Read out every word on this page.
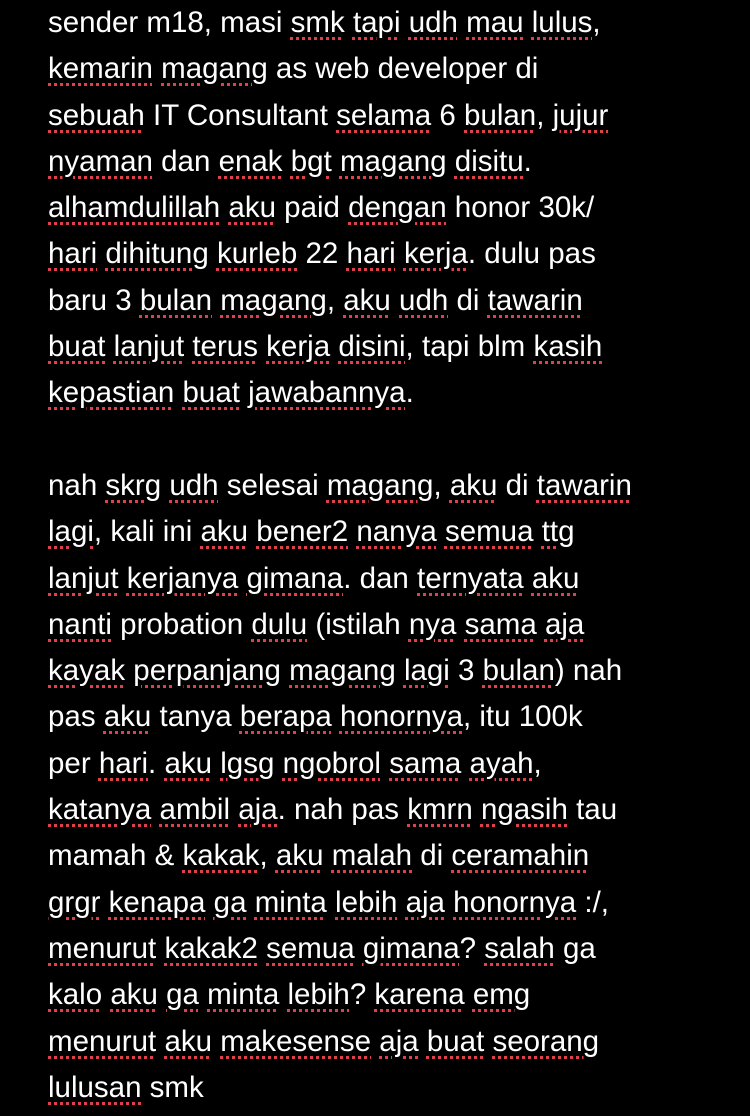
sender m18, masi smk tapi udh mau lulus,
kemarin magang as web developer di
sebuah IT Consultant selama 6 bulan, jujur
nyaman dan enak bgt magang disitu.
alhamdulillah aku paid dengan honor 30k/
hari dihitung kurleb 22 hari kerja. dulu pas
baru 3 bulan magang, aku udh di tawarin
buat lanjut terus kerja disini, tapi blm kasih
kepastian buat jawabannya.
nah skrg udh selesai magang, aku di tawarin
lagi, kali ini aku bener2 nanya semua ttg
lanjut kerjanya gimana. dan ternyata aku
nanti probation dulu (istilah nya sama aja
kayak perpanjang magang lagi 3 bulan) nah
pas aku tanya berapa honornya, itu 100k
per hari. aku lgsg ngobrol sama ayah,
katanya ambil aja. nah pas kmrn ngasih tau
mamah & kakak, aku malah di ceramahin
grgr kenapa ga minta lebih aja honornya :/,
menurut kakak2 semua gimana? salah ga
kalo aku ga minta lebih? karena emg
menurut aku makesense aja buat seorang
lulusan smk
